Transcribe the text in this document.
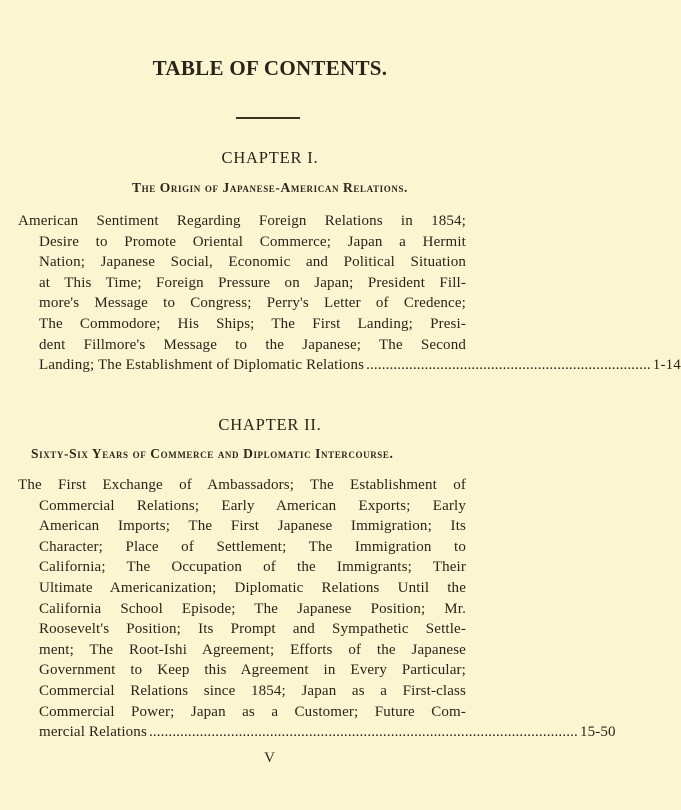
TABLE OF CONTENTS.
CHAPTER I.
The Origin of Japanese-American Relations.
American Sentiment Regarding Foreign Relations in 1854;
Desire to Promote Oriental Commerce; Japan a Hermit
Nation; Japanese Social, Economic and Political Situation
at This Time; Foreign Pressure on Japan; President Fill-
more's Message to Congress; Perry's Letter of Credence;
The Commodore; His Ships; The First Landing; Presi-
dent Fillmore's Message to the Japanese; The Second
Landing; The Establishment of Diplomatic Relations ......................................................................... 1-14
CHAPTER II.
Sixty-Six Years of Commerce and Diplomatic Intercourse.
The First Exchange of Ambassadors; The Establishment of
Commercial Relations; Early American Exports; Early
American Imports; The First Japanese Immigration; Its
Character; Place of Settlement; The Immigration to
California; The Occupation of the Immigrants; Their
Ultimate Americanization; Diplomatic Relations Until the
California School Episode; The Japanese Position; Mr.
Roosevelt's Position; Its Prompt and Sympathetic Settle-
ment; The Root-Ishi Agreement; Efforts of the Japanese
Government to Keep this Agreement in Every Particular;
Commercial Relations since 1854; Japan as a First-class
Commercial Power; Japan as a Customer; Future Com-
mercial Relations .............................................................................................................. 15-50
V
